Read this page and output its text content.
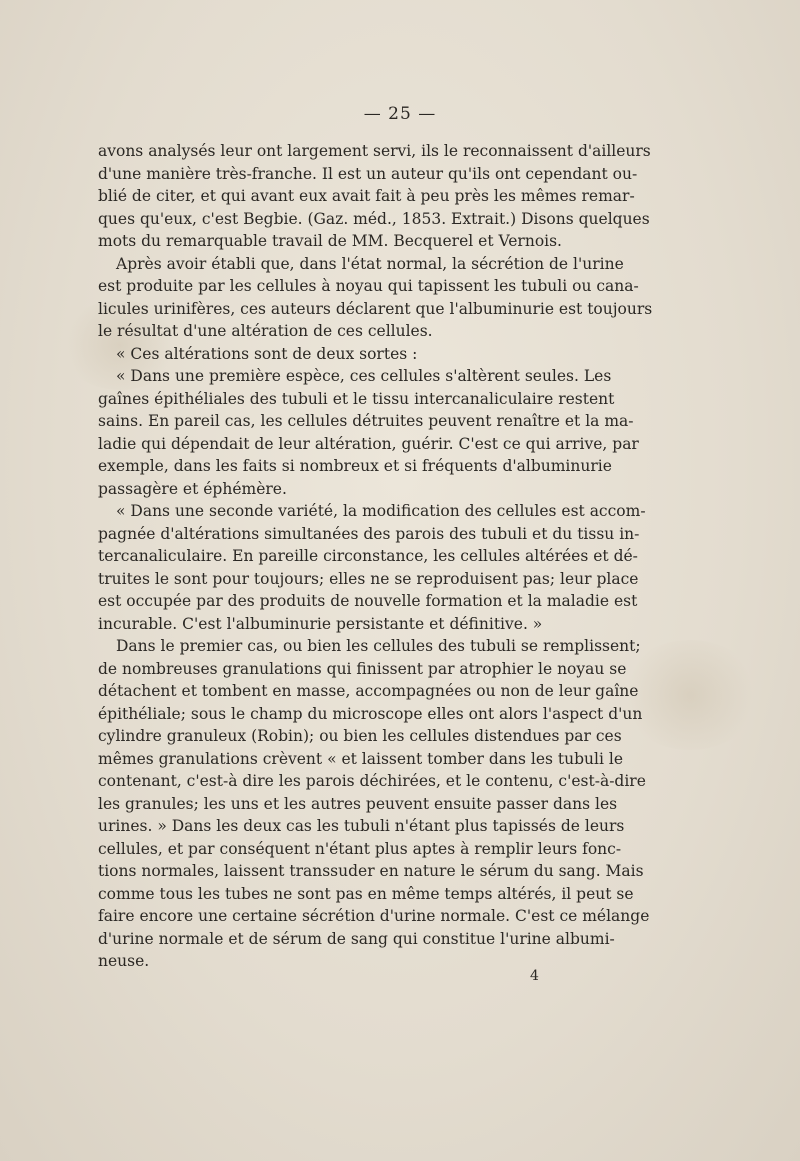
— 25 —
avons analysés leur ont largement servi, ils le reconnaissent d'ailleurs
d'une manière très-franche. Il est un auteur qu'ils ont cependant ou-
blié de citer, et qui avant eux avait fait à peu près les mêmes remar-
ques qu'eux, c'est Begbie. (Gaz. méd., 1853. Extrait.) Disons quelques
mots du remarquable travail de MM. Becquerel et Vernois.
Après avoir établi que, dans l'état normal, la sécrétion de l'urine
est produite par les cellules à noyau qui tapissent les tubuli ou cana-
licules urinifères, ces auteurs déclarent que l'albuminurie est toujours
le résultat d'une altération de ces cellules.
« Ces altérations sont de deux sortes :
« Dans une première espèce, ces cellules s'altèrent seules. Les
gaînes épithéliales des tubuli et le tissu intercanaliculaire restent
sains. En pareil cas, les cellules détruites peuvent renaître et la ma-
ladie qui dépendait de leur altération, guérir. C'est ce qui arrive, par
exemple, dans les faits si nombreux et si fréquents d'albuminurie
passagère et éphémère.
« Dans une seconde variété, la modification des cellules est accom-
pagnée d'altérations simultanées des parois des tubuli et du tissu in-
tercanaliculaire. En pareille circonstance, les cellules altérées et dé-
truites le sont pour toujours; elles ne se reproduisent pas; leur place
est occupée par des produits de nouvelle formation et la maladie est
incurable. C'est l'albuminurie persistante et définitive. »
Dans le premier cas, ou bien les cellules des tubuli se remplissent;
de nombreuses granulations qui finissent par atrophier le noyau se
détachent et tombent en masse, accompagnées ou non de leur gaîne
épithéliale; sous le champ du microscope elles ont alors l'aspect d'un
cylindre granuleux (Robin); ou bien les cellules distendues par ces
mêmes granulations crèvent « et laissent tomber dans les tubuli le
contenant, c'est-à dire les parois déchirées, et le contenu, c'est-à-dire
les granules; les uns et les autres peuvent ensuite passer dans les
urines. » Dans les deux cas les tubuli n'étant plus tapissés de leurs
cellules, et par conséquent n'étant plus aptes à remplir leurs fonc-
tions normales, laissent transsuder en nature le sérum du sang. Mais
comme tous les tubes ne sont pas en même temps altérés, il peut se
faire encore une certaine sécrétion d'urine normale. C'est ce mélange
d'urine normale et de sérum de sang qui constitue l'urine albumi-
neuse.
4
